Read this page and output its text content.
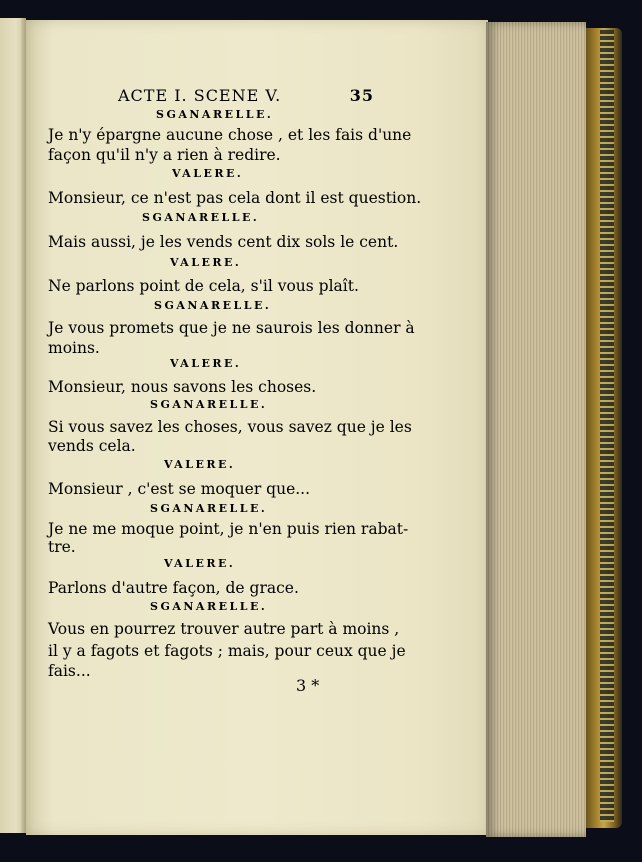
ACTE I. SCENE V.	35
SGANARELLE.
Je n'y épargne aucune chose , et les fais d'une
façon qu'il n'y a rien à redire.
VALERE.
Monsieur, ce n'est pas cela dont il est question.
SGANARELLE.
Mais aussi, je les vends cent dix sols le cent.
VALERE.
Ne parlons point de cela, s'il vous plaît.
SGANARELLE.
Je vous promets que je ne saurois les donner à
moins.
VALERE.
Monsieur, nous savons les choses.
SGANARELLE.
Si vous savez les choses, vous savez que je les
vends cela.
VALERE.
Monsieur , c'est se moquer que...
SGANARELLE.
Je ne me moque point, je n'en puis rien rabat-
tre.
VALERE.
Parlons d'autre façon, de grace.
SGANARELLE.
Vous en pourrez trouver autre part à moins ,
il y a fagots et fagots ; mais, pour ceux que je
fais...
3 *
